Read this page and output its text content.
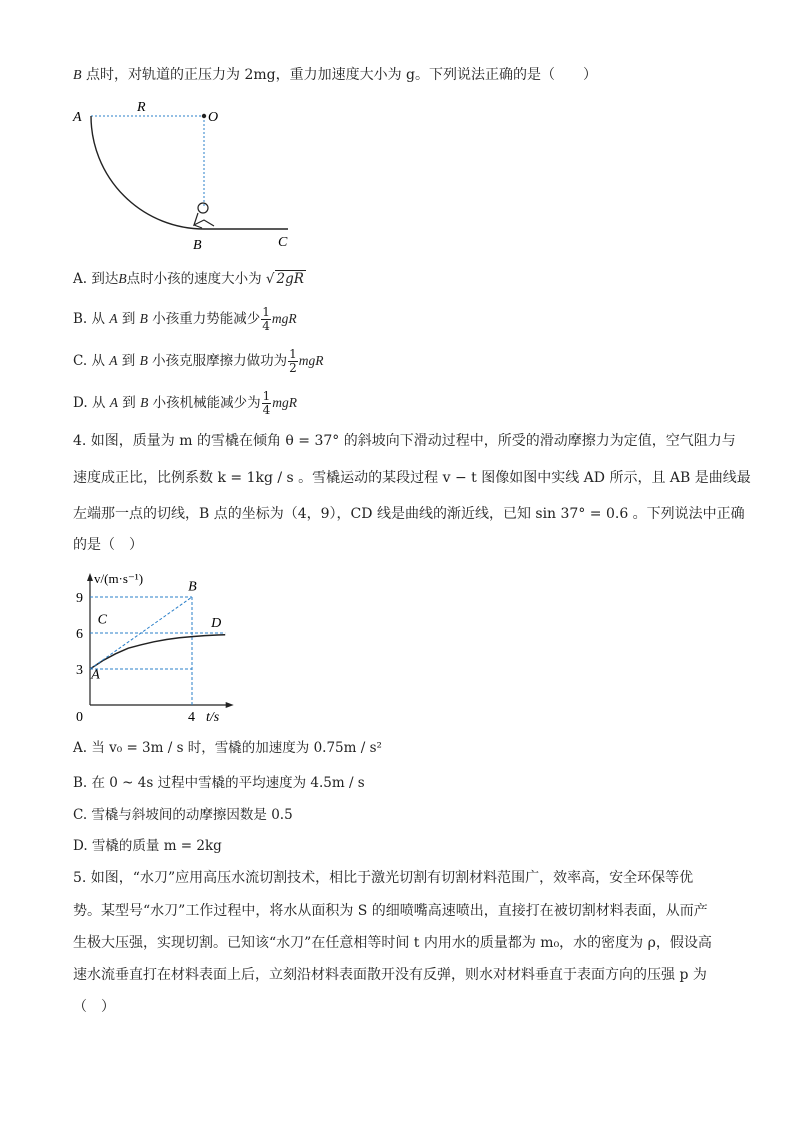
B 点时，对轨道的正压力为 2mg，重力加速度大小为 g。下列说法正确的是（　　）
A
R
O
B	C
A. 到达B点时小孩的速度大小为 √ 2gR
B. 从 A 到 B 小孩重力势能减少 $\frac{1}{4}$ mgR
C. 从 A 到 B 小孩克服摩擦力做功为 $\frac{1}{2}$ mgR
D. 从 A 到 B 小孩机械能减少为 $\frac{1}{4}$ mgR
4. 如图，质量为 m 的雪橇在倾角 θ = 37° 的斜坡向下滑动过程中，所受的滑动摩擦力为定值，空气阻力与
速度成正比，比例系数 k = 1kg / s 。雪橇运动的某段过程 v − t 图像如图中实线 AD 所示，且 AB 是曲线最
左端那一点的切线，B 点的坐标为（4，9），CD 线是曲线的渐近线，已知 sin 37° = 0.6 。下列说法中正确
的是（　）
v/(m·s⁻¹)
t/s
3
6
9
0	4
A
B
C	D
A. 当 v₀ = 3m / s 时，雪橇的加速度为 0.75m / s²
B. 在 0 ~ 4s 过程中雪橇的平均速度为 4.5m / s
C. 雪橇与斜坡间的动摩擦因数是 0.5
D. 雪橇的质量 m = 2kg
5. 如图，“水刀”应用高压水流切割技术，相比于激光切割有切割材料范围广，效率高，安全环保等优
势。某型号“水刀”工作过程中，将水从面积为 S 的细喷嘴高速喷出，直接打在被切割材料表面，从而产
生极大压强，实现切割。已知该“水刀”在任意相等时间 t 内用水的质量都为 m₀，水的密度为 ρ，假设高
速水流垂直打在材料表面上后，立刻沿材料表面散开没有反弹，则水对材料垂直于表面方向的压强 p 为
（　）
